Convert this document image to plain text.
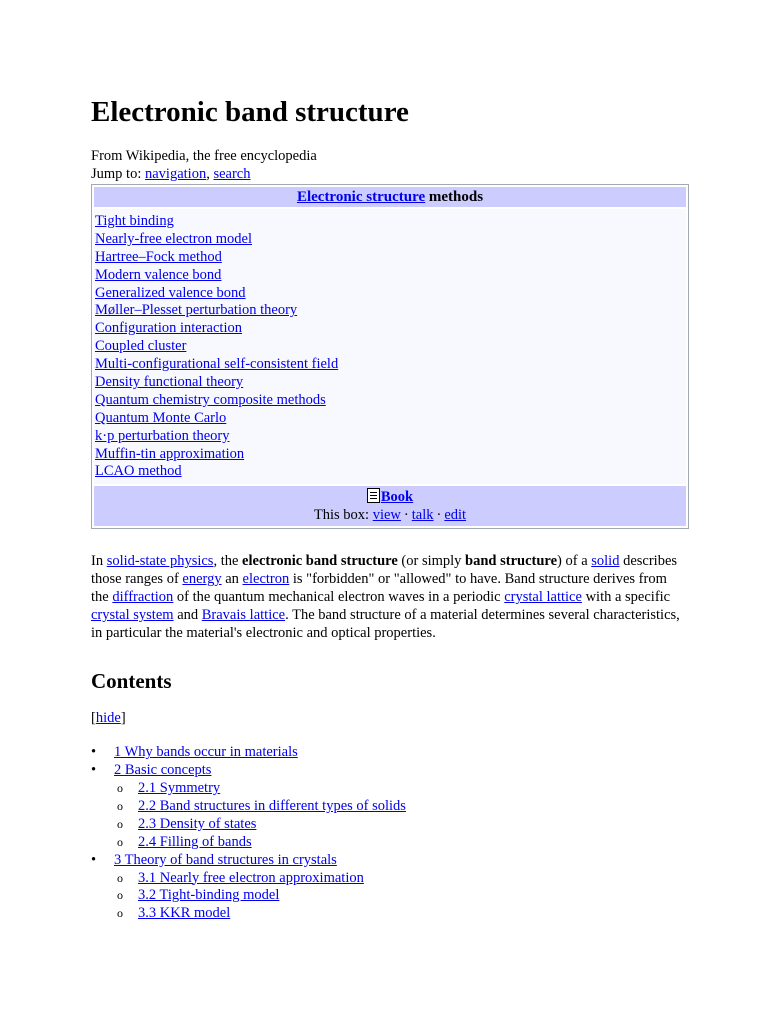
Electronic band structure
From Wikipedia, the free encyclopedia
Jump to: navigation, search
Electronic structure methods
Tight binding
Nearly-free electron model
Hartree–Fock method
Modern valence bond
Generalized valence bond
Møller–Plesset perturbation theory
Configuration interaction
Coupled cluster
Multi-configurational self-consistent field
Density functional theory
Quantum chemistry composite methods
Quantum Monte Carlo
k·p perturbation theory
Muffin-tin approximation
LCAO method
Book
This box: view · talk · edit

In solid-state physics, the electronic band structure (or simply band structure) of a solid describes those ranges of energy an electron is "forbidden" or "allowed" to have. Band structure derives from the diffraction of the quantum mechanical electron waves in a periodic crystal lattice with a specific crystal system and Bravais lattice. The band structure of a material determines several characteristics, in particular the material's electronic and optical properties.

Contents
[hide]
• 1 Why bands occur in materials
• 2 Basic concepts
o 2.1 Symmetry
o 2.2 Band structures in different types of solids
o 2.3 Density of states
o 2.4 Filling of bands
• 3 Theory of band structures in crystals
o 3.1 Nearly free electron approximation
o 3.2 Tight-binding model
o 3.3 KKR model
